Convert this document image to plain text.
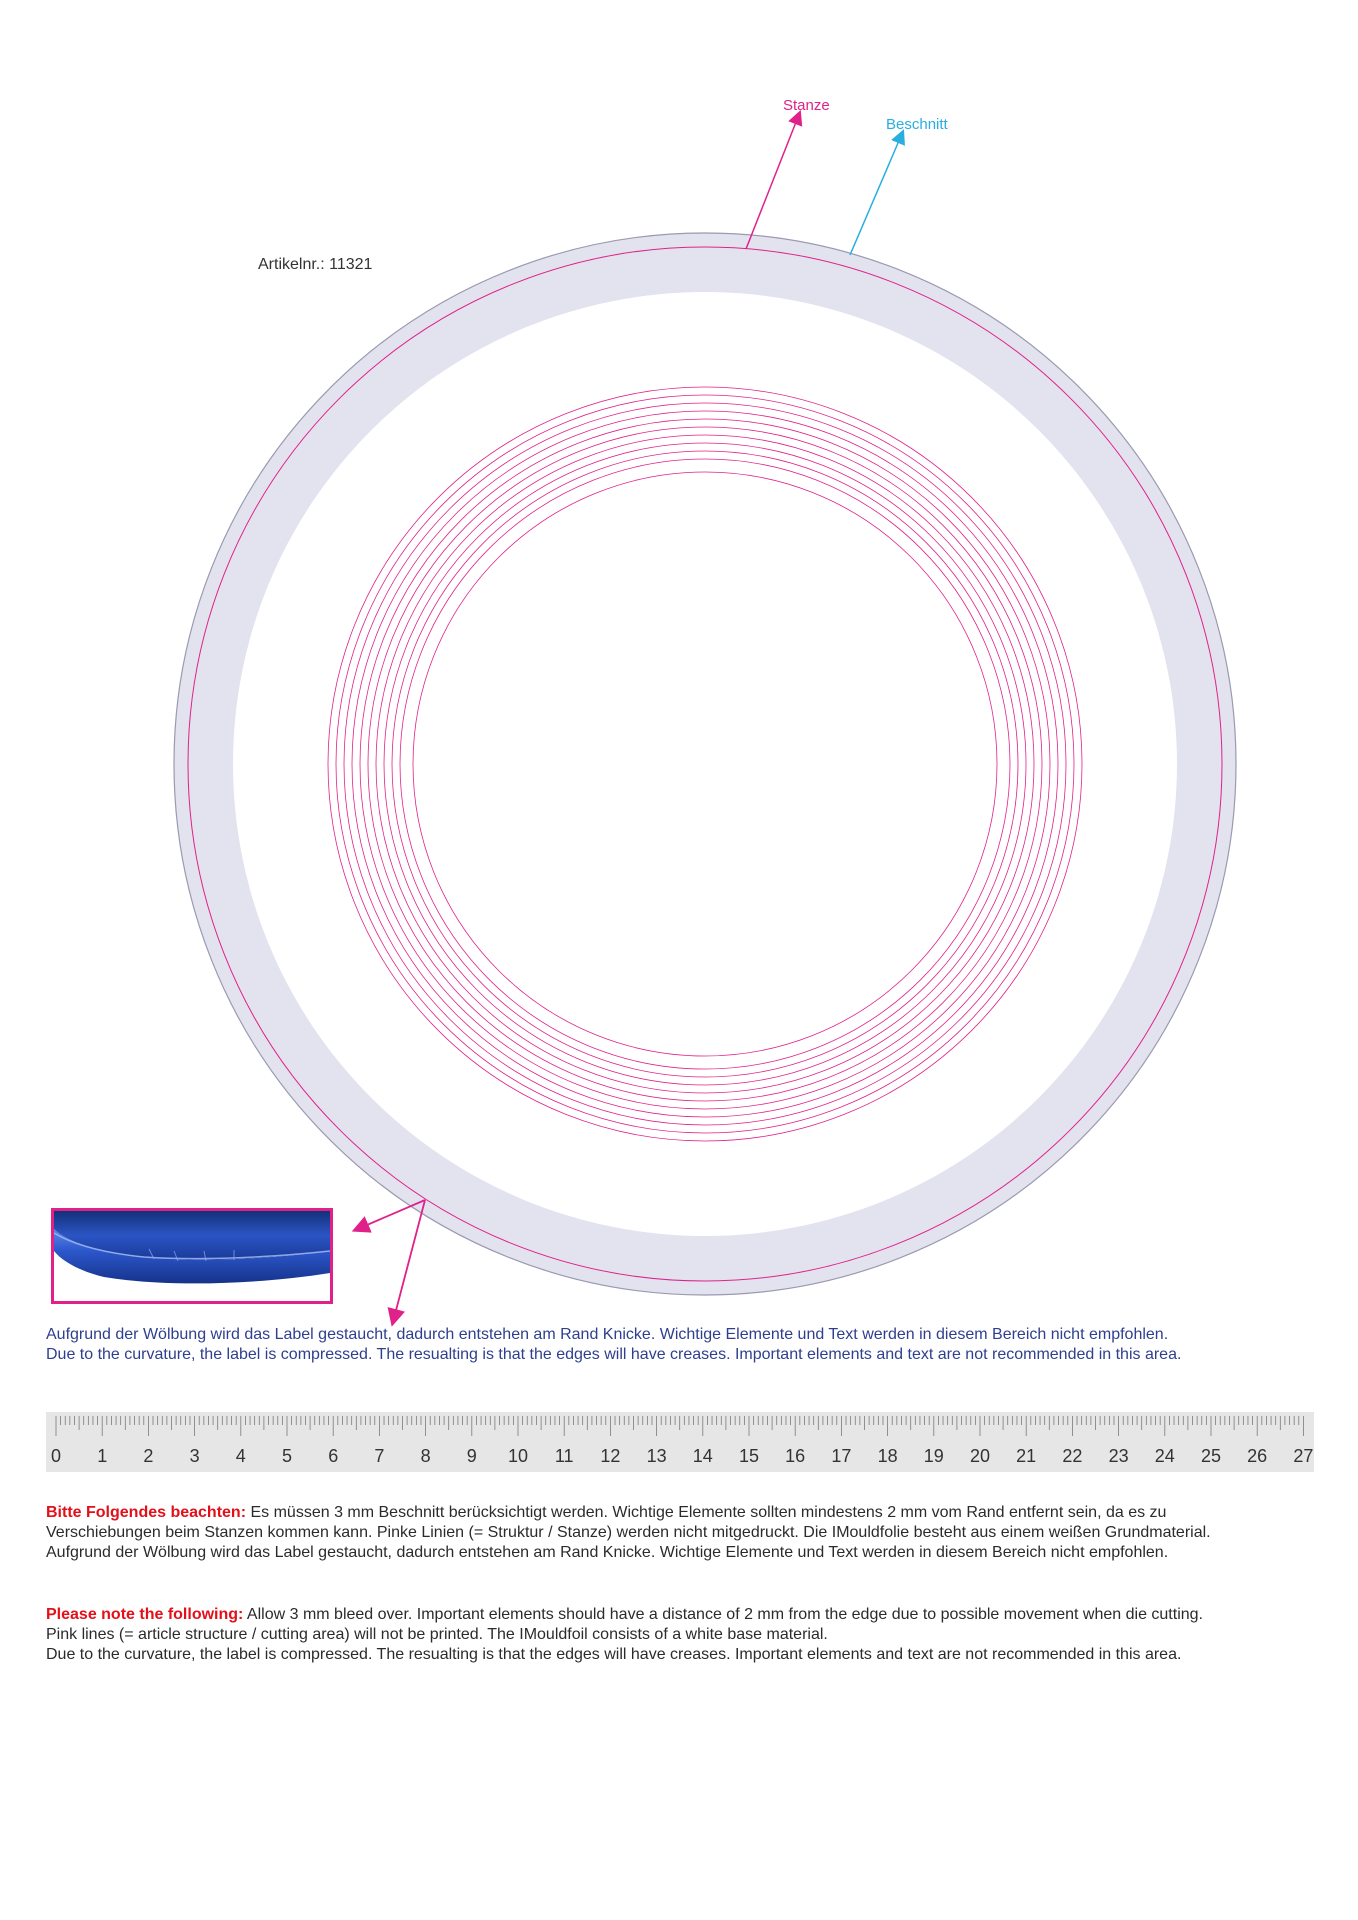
Stanze
Beschnitt
Artikelnr.: 11321
Aufgrund der Wölbung wird das Label gestaucht, dadurch entstehen am Rand Knicke. Wichtige Elemente und Text werden in diesem Bereich nicht empfohlen.
Due to the curvature, the label is compressed. The resualting is that the edges will have creases. Important elements and text are not recommended in this area.
0 1 2 3 4 5 6 7 8 9 10 11 12 13 14 15 16 17 18 19 20 21 22 23 24 25 26 27
Bitte Folgendes beachten: Es müssen 3 mm Beschnitt berücksichtigt werden. Wichtige Elemente sollten mindestens 2 mm vom Rand entfernt sein, da es zu
Verschiebungen beim Stanzen kommen kann. Pinke Linien (= Struktur / Stanze) werden nicht mitgedruckt. Die IMouldfolie besteht aus einem weißen Grundmaterial.
Aufgrund der Wölbung wird das Label gestaucht, dadurch entstehen am Rand Knicke. Wichtige Elemente und Text werden in diesem Bereich nicht empfohlen.
Please note the following: Allow 3 mm bleed over. Important elements should have a distance of 2 mm from the edge due to possible movement when die cutting.
Pink lines (= article structure / cutting area) will not be printed. The IMouldfoil consists of a white base material.
Due to the curvature, the label is compressed. The resualting is that the edges will have creases. Important elements and text are not recommended in this area.
